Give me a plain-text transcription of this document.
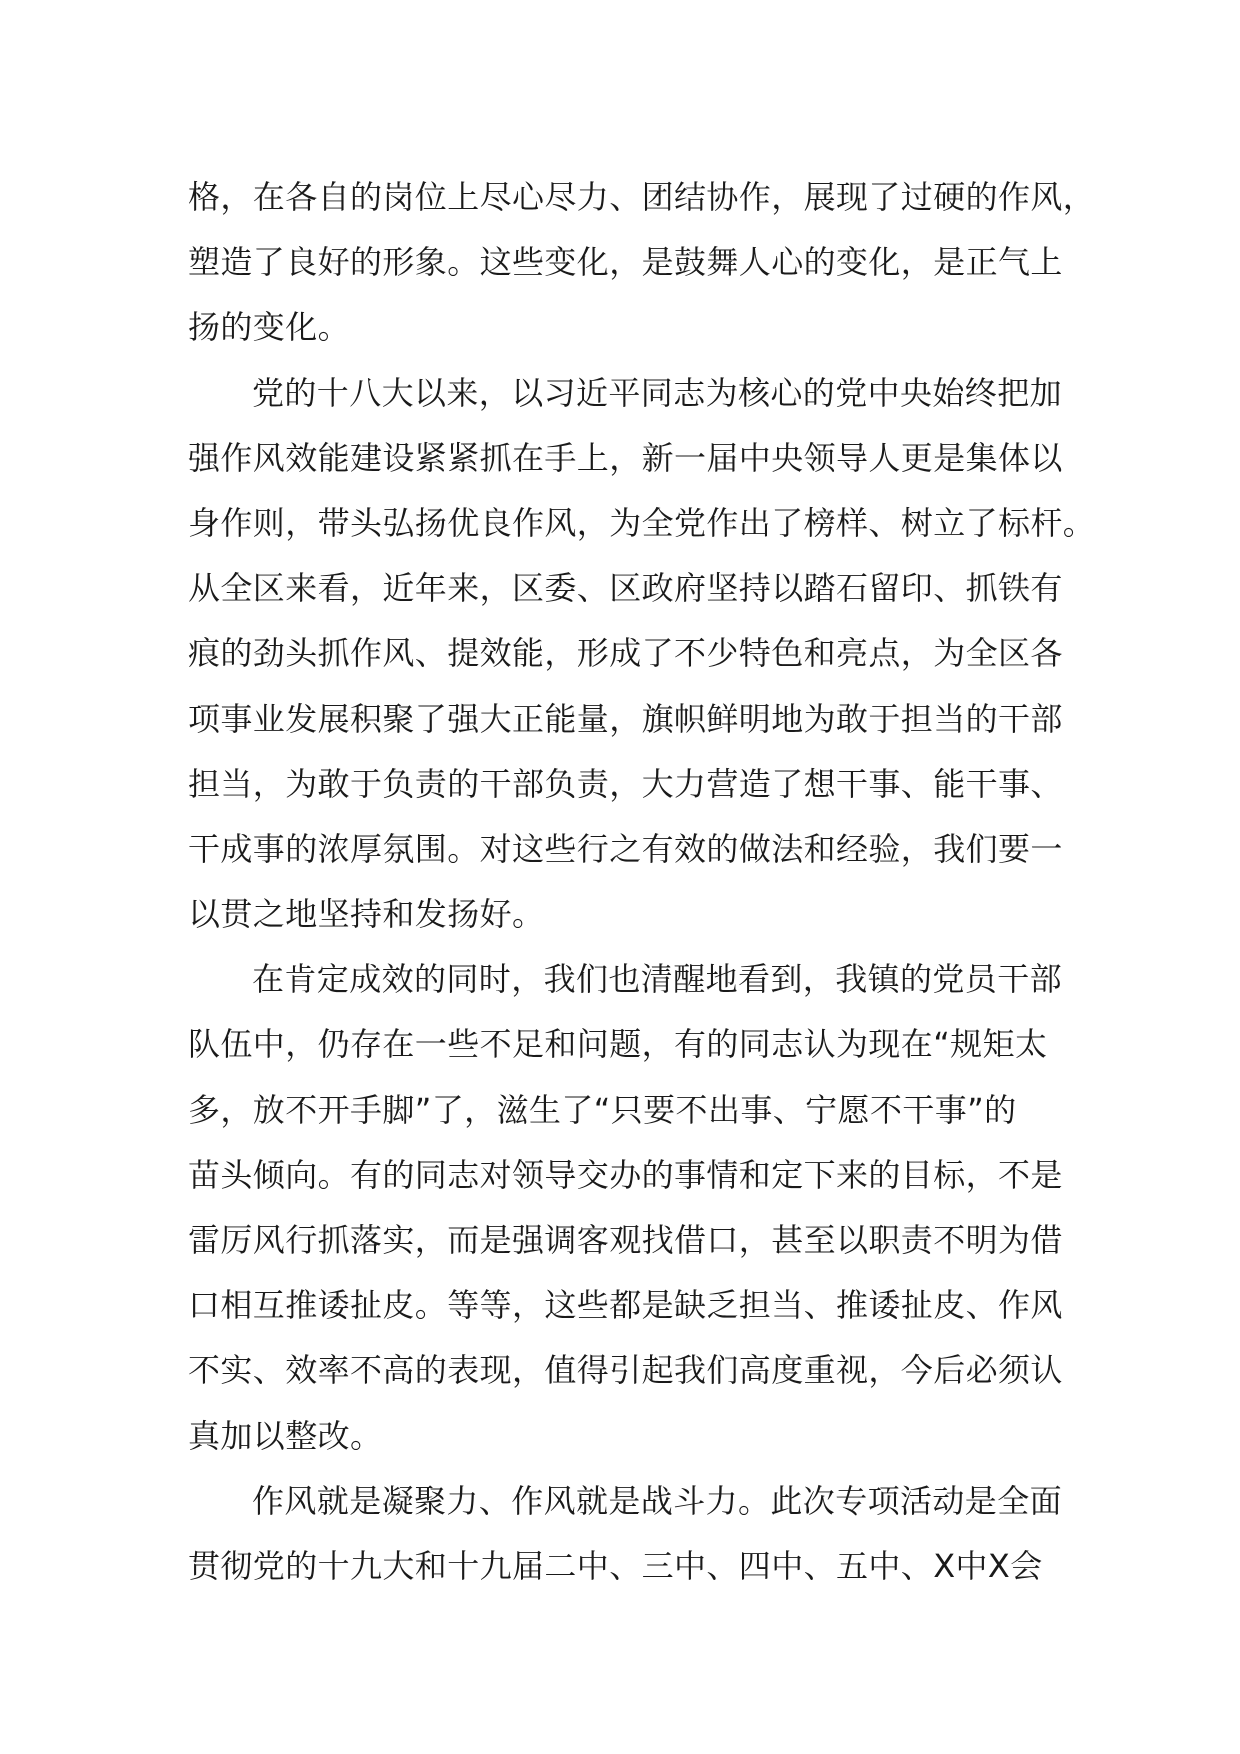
格，在各自的岗位上尽心尽力、团结协作，展现了过硬的作风，
塑造了良好的形象。这些变化，是鼓舞人心的变化，是正气上
扬的变化。
党的十八大以来，以习近平同志为核心的党中央始终把加
强作风效能建设紧紧抓在手上，新一届中央领导人更是集体以
身作则，带头弘扬优良作风，为全党作出了榜样、树立了标杆。
从全区来看，近年来，区委、区政府坚持以踏石留印、抓铁有
痕的劲头抓作风、提效能，形成了不少特色和亮点，为全区各
项事业发展积聚了强大正能量，旗帜鲜明地为敢于担当的干部
担当，为敢于负责的干部负责，大力营造了想干事、能干事、
干成事的浓厚氛围。对这些行之有效的做法和经验，我们要一
以贯之地坚持和发扬好。
在肯定成效的同时，我们也清醒地看到，我镇的党员干部
队伍中，仍存在一些不足和问题，有的同志认为现在“规矩太
多，放不开手脚”了，滋生了“只要不出事、宁愿不干事”的
苗头倾向。有的同志对领导交办的事情和定下来的目标，不是
雷厉风行抓落实，而是强调客观找借口，甚至以职责不明为借
口相互推诿扯皮。等等，这些都是缺乏担当、推诿扯皮、作风
不实、效率不高的表现，值得引起我们高度重视，今后必须认
真加以整改。
作风就是凝聚力、作风就是战斗力。此次专项活动是全面
贯彻党的十九大和十九届二中、三中、四中、五中、X中X会
